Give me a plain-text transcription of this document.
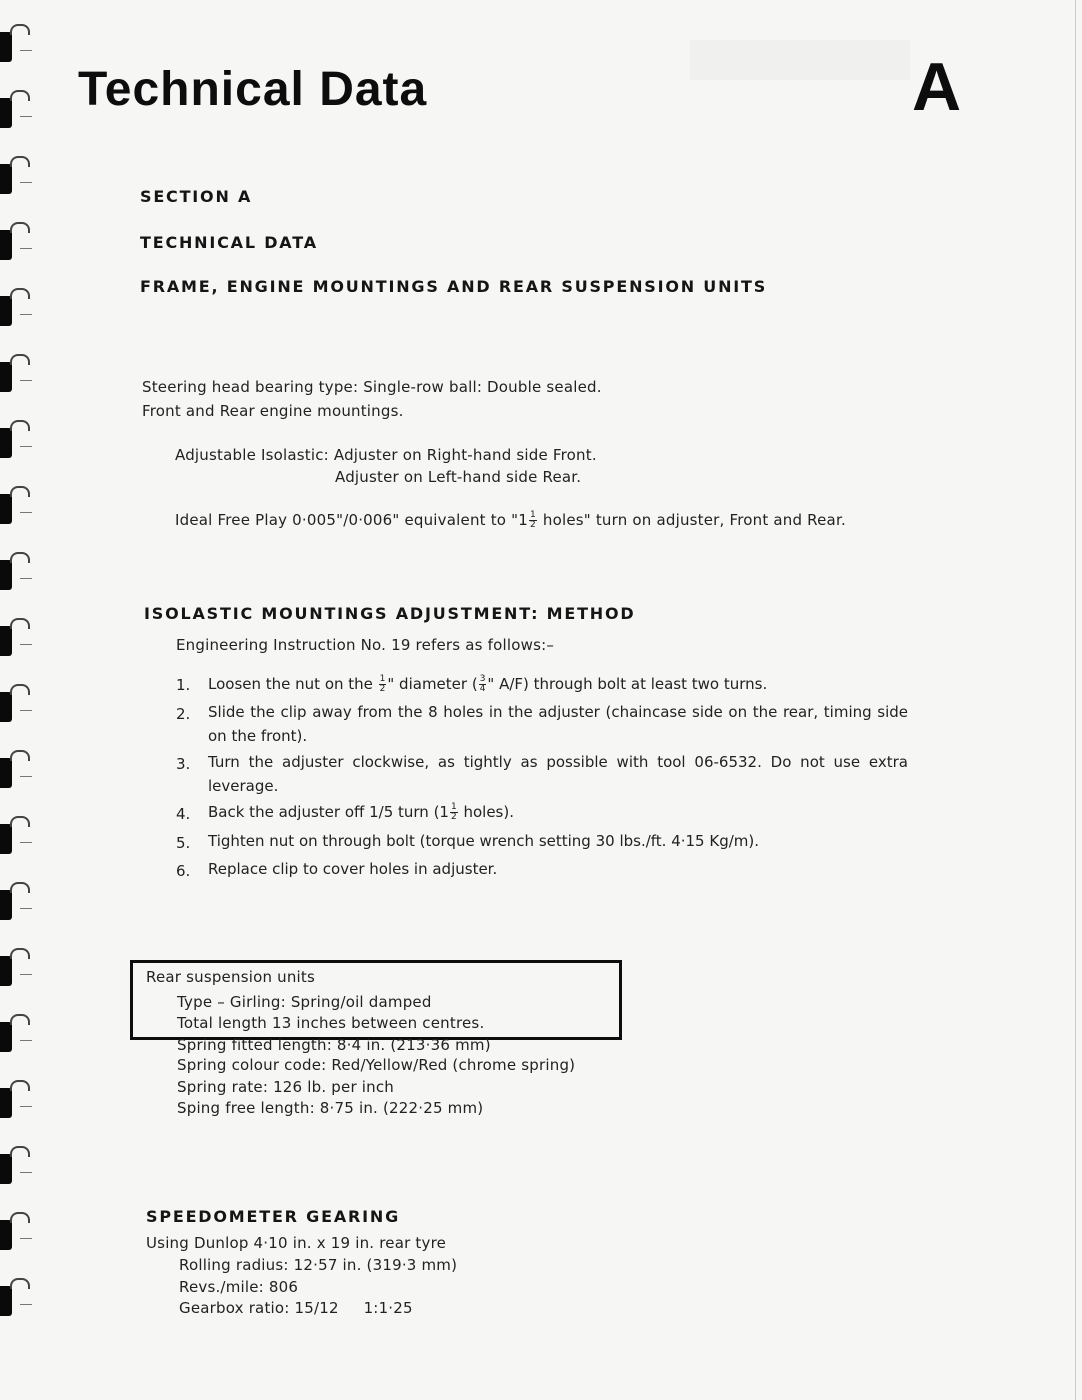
Technical Data	A
SECTION A
TECHNICAL DATA
FRAME, ENGINE MOUNTINGS AND REAR SUSPENSION UNITS
Steering head bearing type: Single-row ball: Double sealed.
Front and Rear engine mountings.
Adjustable Isolastic: Adjuster on Right-hand side Front.
Adjuster on Left-hand side Rear.
Ideal Free Play 0·005"/0·006" equivalent to "$1 \frac{1}{2}$ holes" turn on adjuster, Front and Rear.
ISOLASTIC MOUNTINGS ADJUSTMENT: METHOD
Engineering Instruction No. 19 refers as follows:–
1. Loosen the nut on the $\frac{1}{2}$ " diameter ( $\frac{3}{4}$ " A/F) through bolt at least two turns.
2. Slide the clip away from the 8 holes in the adjuster (chaincase side on the rear, timing side on the front).
3. Turn the adjuster clockwise, as tightly as possible with tool 06-6532. Do not use extra leverage.
4. Back the adjuster off 1/5 turn ($1 \frac{1}{2}$ holes).
5. Tighten nut on through bolt (torque wrench setting 30 lbs./ft. 4·15 Kg/m).
6. Replace clip to cover holes in adjuster.
Rear suspension units
Type – Girling: Spring/oil damped
Total length 13 inches between centres.
Spring fitted length: 8·4 in. (213·36 mm)
Spring colour code: Red/Yellow/Red (chrome spring)
Spring rate: 126 lb. per inch
Sping free length: 8·75 in. (222·25 mm)
SPEEDOMETER GEARING
Using Dunlop 4·10 in. x 19 in. rear tyre
Rolling radius: 12·57 in. (319·3 mm)
Revs./mile: 806
Gearbox ratio: 15/12     1:1·25
